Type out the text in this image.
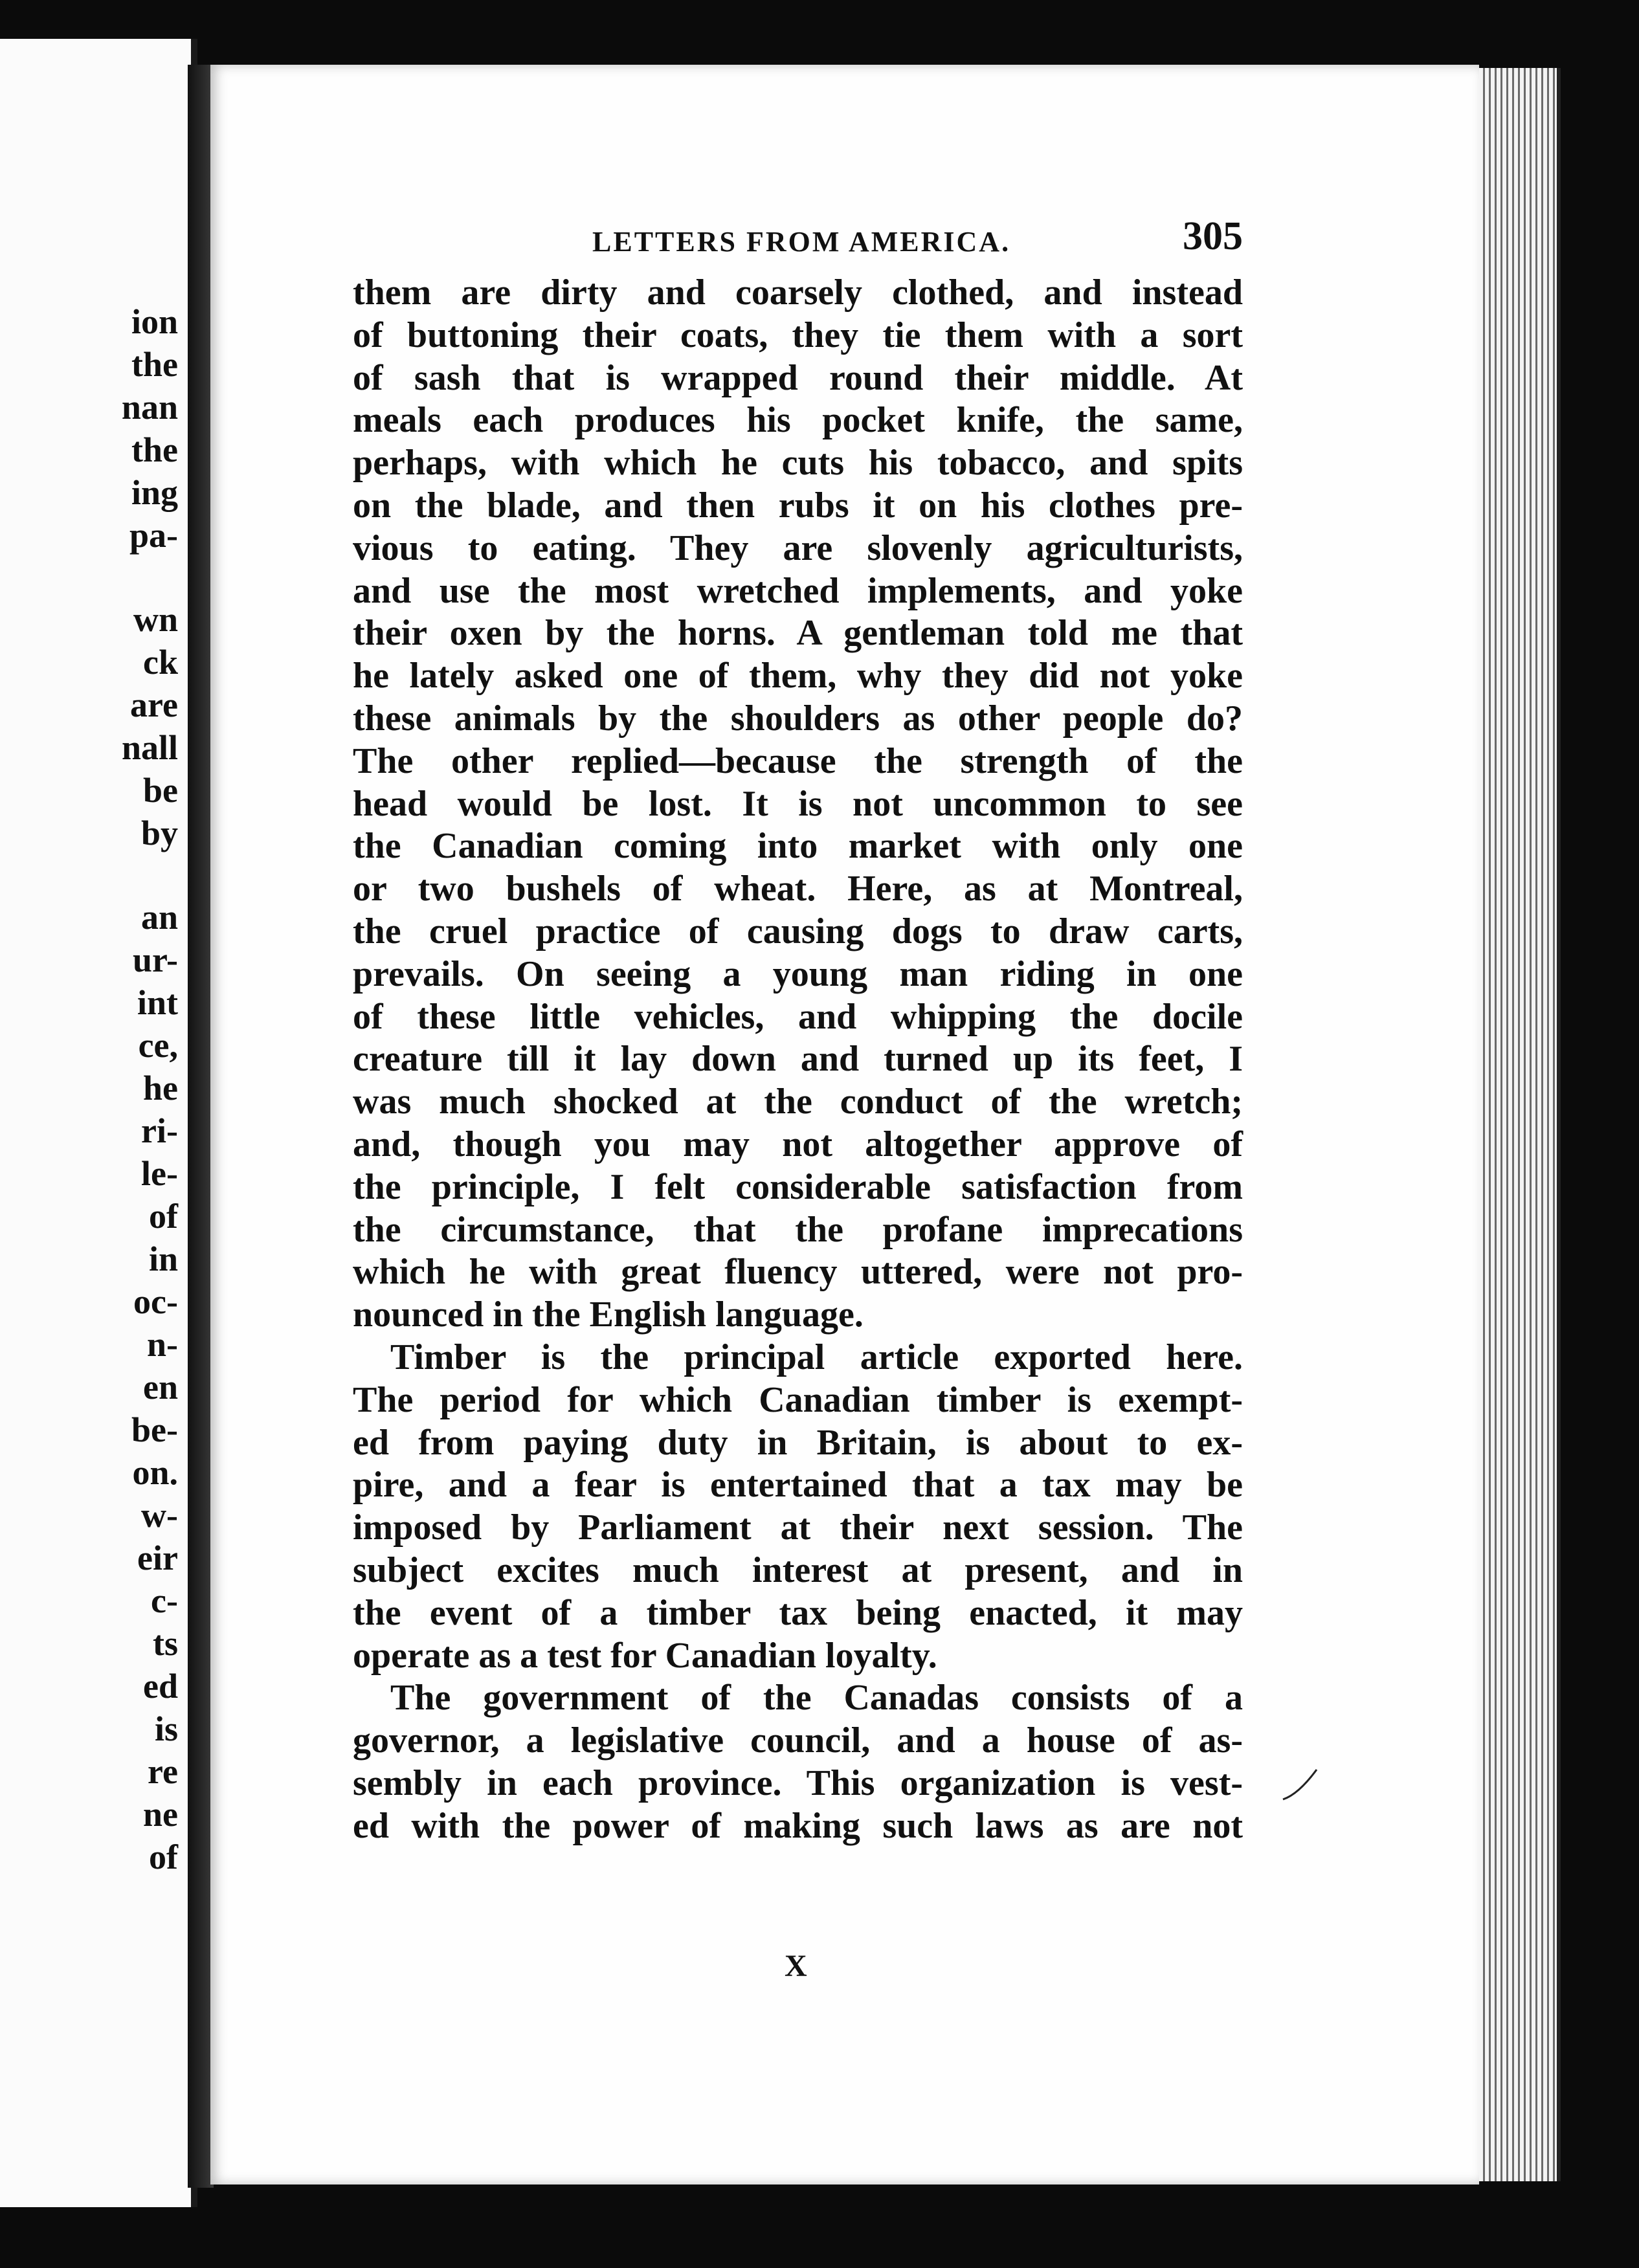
ion
the
nan
the
ing
pa-
wn
ck
are
nall
be
by
an
ur-
int
ce,
he
ri-
le-
of
in
oc-
n-
en
be-
on.
w-
eir
c-
ts
ed
is
re
ne
of
LETTERS FROM AMERICA.	305
them are dirty and coarsely clothed, and instead
of buttoning their coats, they tie them with a sort
of sash that is wrapped round their middle. At
meals each produces his pocket knife, the same,
perhaps, with which he cuts his tobacco, and spits
on the blade, and then rubs it on his clothes pre-
vious to eating. They are slovenly agriculturists,
and use the most wretched implements, and yoke
their oxen by the horns. A gentleman told me that
he lately asked one of them, why they did not yoke
these animals by the shoulders as other people do?
The other replied—because the strength of the
head would be lost. It is not uncommon to see
the Canadian coming into market with only one
or two bushels of wheat. Here, as at Montreal,
the cruel practice of causing dogs to draw carts,
prevails. On seeing a young man riding in one
of these little vehicles, and whipping the docile
creature till it lay down and turned up its feet, I
was much shocked at the conduct of the wretch;
and, though you may not altogether approve of
the principle, I felt considerable satisfaction from
the circumstance, that the profane imprecations
which he with great fluency uttered, were not pro-
nounced in the English language.
Timber is the principal article exported here.
The period for which Canadian timber is exempt-
ed from paying duty in Britain, is about to ex-
pire, and a fear is entertained that a tax may be
imposed by Parliament at their next session. The
subject excites much interest at present, and in
the event of a timber tax being enacted, it may
operate as a test for Canadian loyalty.
The government of the Canadas consists of a
governor, a legislative council, and a house of as-
sembly in each province. This organization is vest-
ed with the power of making such laws as are not
X
